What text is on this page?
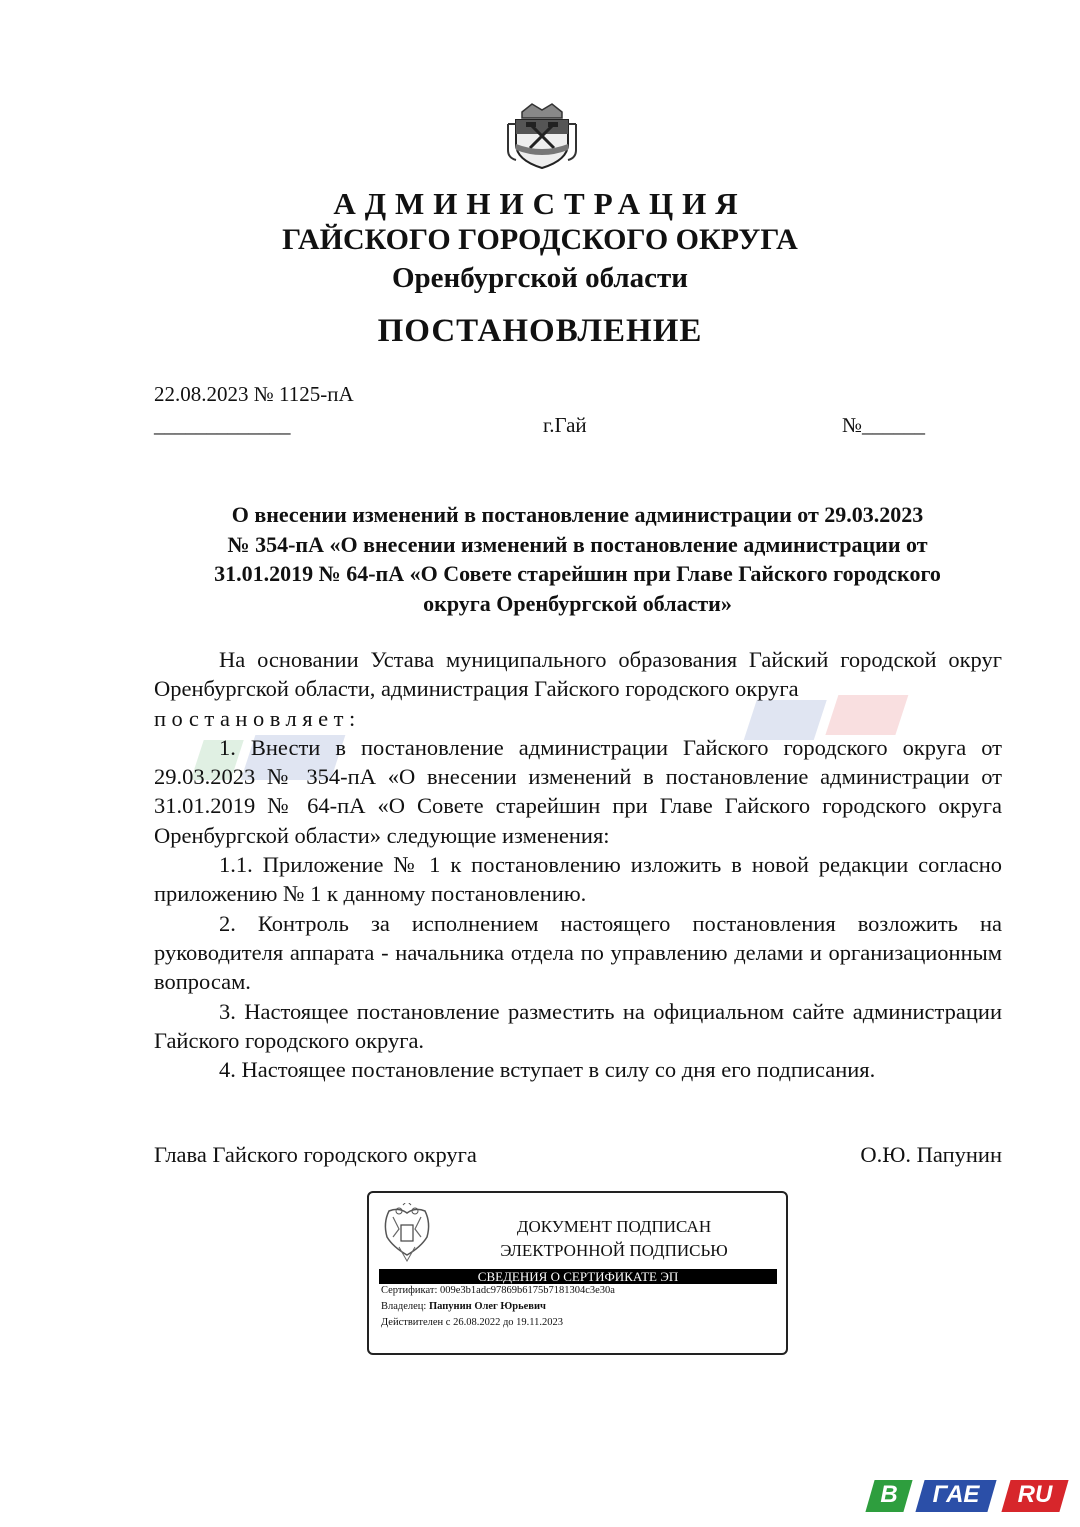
АДМИНИСТРАЦИЯ
ГАЙСКОГО ГОРОДСКОГО ОКРУГА
Оренбургской области
ПОСТАНОВЛЕНИЕ
22.08.2023 № 1125-пА
_____________	г.Гай	№______
О внесении изменений в постановление администрации от 29.03.2023
№ 354-пА «О внесении изменений в постановление администрации от
31.01.2019 № 64-пА «О Совете старейшин при Главе Гайского городского
округа Оренбургской области»

На основании Устава муниципального образования Гайский городской округ Оренбургской области, администрация Гайского городского округа

постановляет:

1. Внести в постановление администрации Гайского городского округа от 29.03.2023 № 354-пА «О внесении изменений в постановление администрации от 31.01.2019 № 64-пА «О Совете старейшин при Главе Гайского городского округа Оренбургской области» следующие изменения:

1.1. Приложение № 1 к постановлению изложить в новой редакции согласно приложению № 1 к данному постановлению.

2. Контроль за исполнением настоящего постановления возложить на руководителя аппарата - начальника отдела по управлению делами и организационным вопросам.

3. Настоящее постановление разместить на официальном сайте администрации Гайского городского округа.

4. Настоящее постановление вступает в силу со дня его подписания.

Глава Гайского городского округа	О.Ю. Папунин
ДОКУМЕНТ ПОДПИСАН
ЭЛЕКТРОННОЙ ПОДПИСЬЮ
СВЕДЕНИЯ О СЕРТИФИКАТЕ ЭП
Сертификат: 009e3b1adc97869b6175b7181304c3e30a
Владелец: Папунин Олег Юрьевич
Действителен с 26.08.2022 до 19.11.2023
В	ГАЕ	RU
